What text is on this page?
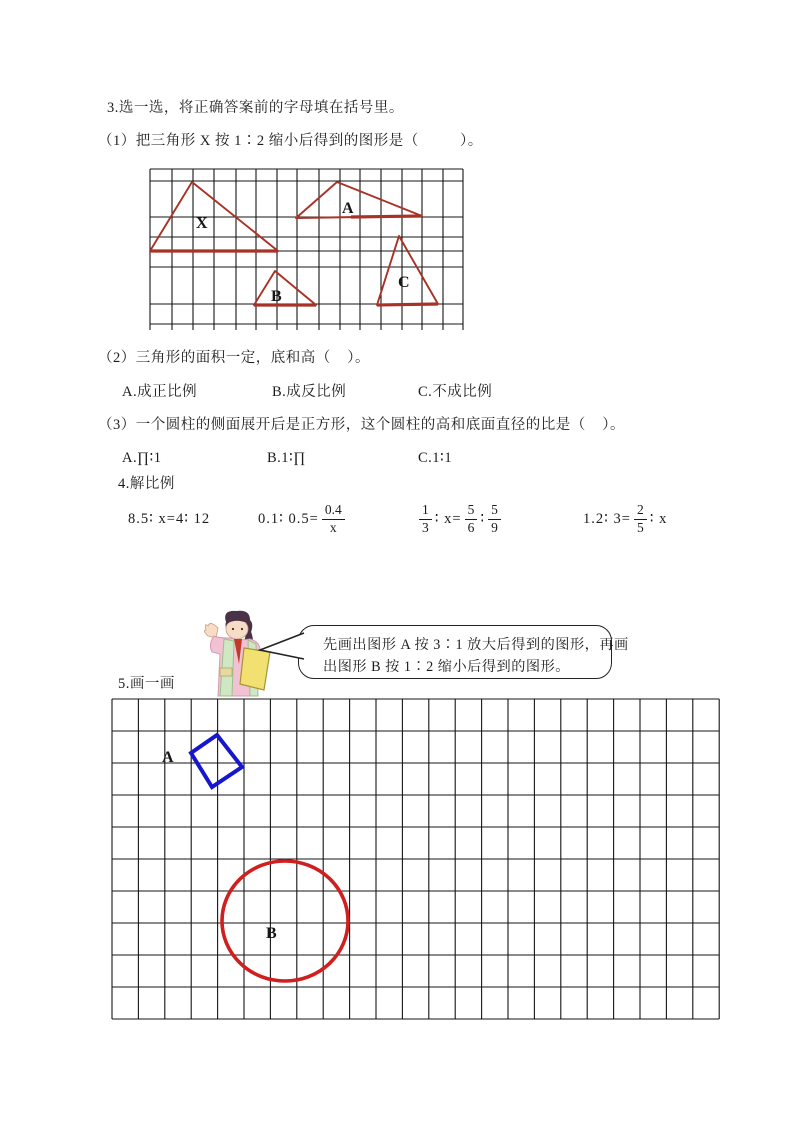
3.选一选，将正确答案前的字母填在括号里。
（1）把三角形 X 按 1∶2 缩小后得到的图形是（          ）。
X
A
B
C
A
B
（2）三角形的面积一定，底和高（    ）。
A.成正比例	B.成反比例	C.不成比例
（3）一个圆柱的侧面展开后是正方形，这个圆柱的高和底面直径的比是（    ）。
A.∏∶1	B.1∶∏	C.1∶1
4.解比例
8.5∶ x=4∶ 12	0.1∶ $0.5= \frac{0.4}{x}$	$\frac{1}{3}$ ∶ $x= \frac{5}{6}$ ∶ $\frac{5}{9}$	1.2∶ $3= \frac{2}{5}$ ∶ x
先画出图形 A 按 3∶1 放大后得到的图形，再画
出图形 B 按 1∶2 缩小后得到的图形。
5.画一画
